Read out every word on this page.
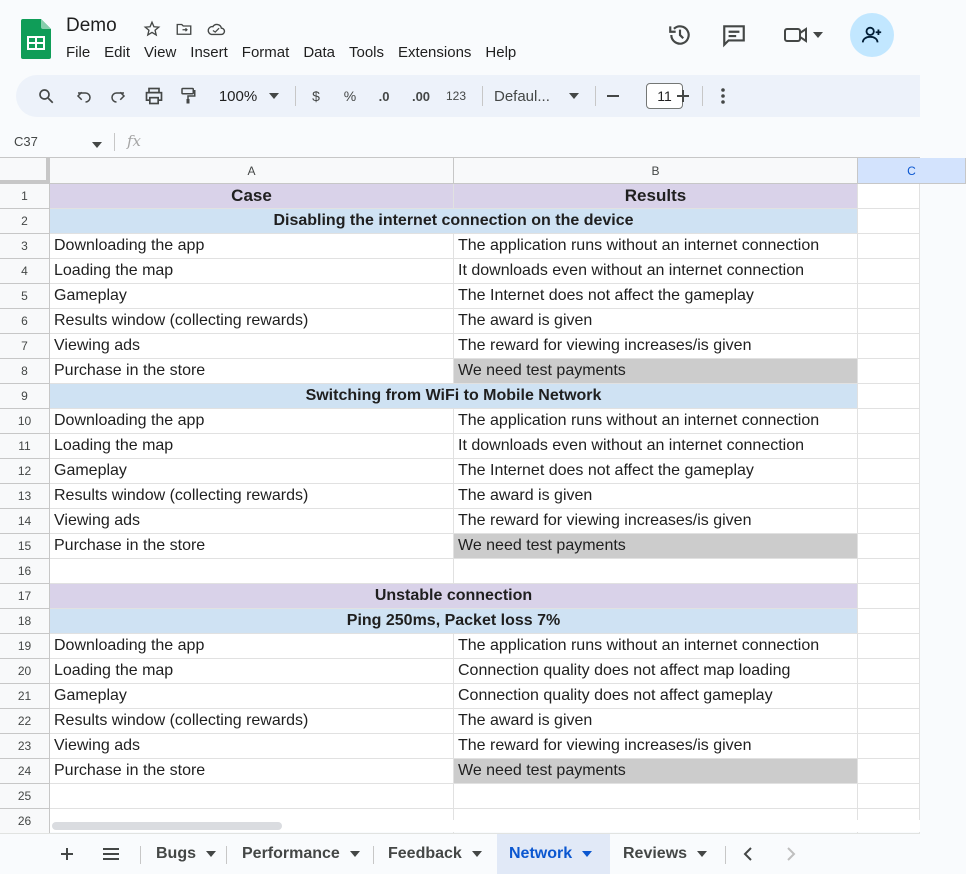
Demo
File Edit View Insert Format Data Tools Extensions Help
100%	$ % .0 .00 123 Defaul...	11
C37	fx
A	B	C
1	Case	Results
2	Disabling the internet connection on the device
3	Downloading the app	The application runs without an internet connection
4	Loading the map	It downloads even without an internet connection
5	Gameplay	The Internet does not affect the gameplay
6	Results window (collecting rewards)	The award is given
7	Viewing ads	The reward for viewing increases/is given
8	Purchase in the store	We need test payments
9	Switching from WiFi to Mobile Network
10	Downloading the app	The application runs without an internet connection
11	Loading the map	It downloads even without an internet connection
12	Gameplay	The Internet does not affect the gameplay
13	Results window (collecting rewards)	The award is given
14	Viewing ads	The reward for viewing increases/is given
15	Purchase in the store	We need test payments
16
17	Unstable connection
18	Ping 250ms, Packet loss 7%
19	Downloading the app	The application runs without an internet connection
20	Loading the map	Connection quality does not affect map loading
21	Gameplay	Connection quality does not affect gameplay
22	Results window (collecting rewards)	The award is given
23	Viewing ads	The reward for viewing increases/is given
24	Purchase in the store	We need test payments
25
26
Bugs	Performance	Feedback	Network	Reviews
